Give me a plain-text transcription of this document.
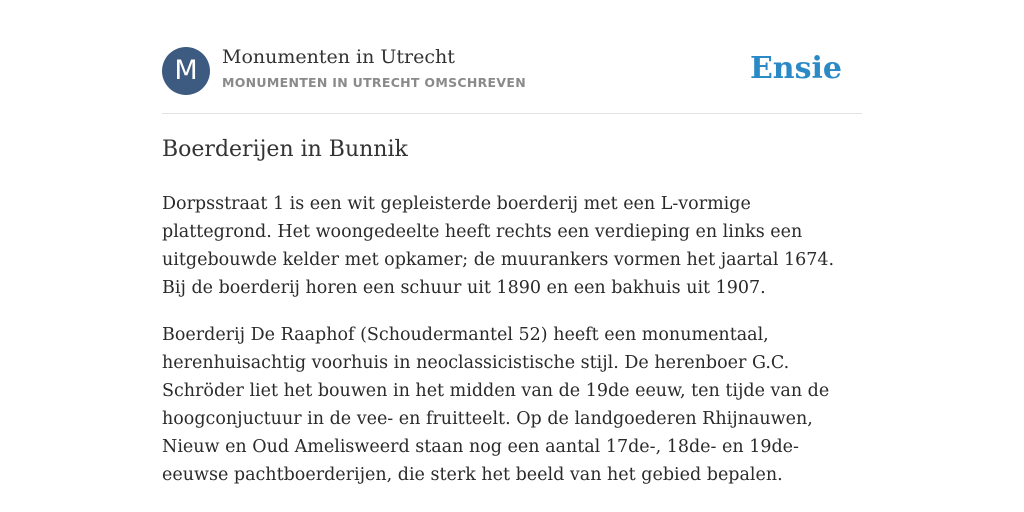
M	Monumenten in Utrecht
MONUMENTEN IN UTRECHT OMSCHREVEN	Ensie
Boerderijen in Bunnik

Dorpsstraat 1 is een wit gepleisterde boerderij met een L-vormige plattegrond. Het woongedeelte heeft rechts een verdieping en links een uitgebouwde kelder met opkamer; de muurankers vormen het jaartal 1674. Bij de boerderij horen een schuur uit 1890 en een bakhuis uit 1907.

Boerderij De Raaphof (Schoudermantel 52) heeft een monumentaal, herenhuisachtig voorhuis in neoclassicistische stijl. De herenboer G.C. Schröder liet het bouwen in het midden van de 19de eeuw, ten tijde van de hoogconjuctuur in de vee- en fruitteelt. Op de landgoederen Rhijnauwen, Nieuw en Oud Amelisweerd staan nog een aantal 17de-, 18de- en 19de-eeuwse pachtboerderijen, die sterk het beeld van het gebied bepalen.
